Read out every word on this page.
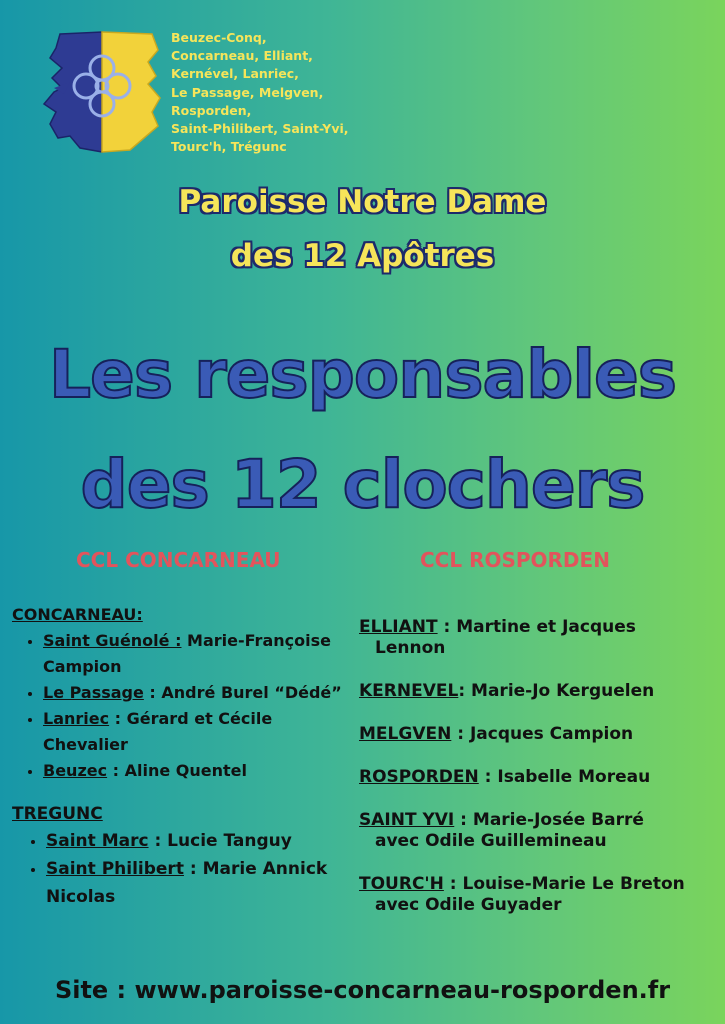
Beuzec-Conq,
Concarneau, Elliant,
Kernével, Lanriec,
Le Passage, Melgven,
Rosporden,
Saint-Philibert, Saint-Yvi,
Tourc'h, Trégunc
Paroisse Notre Dame
des 12 Apôtres
Les responsables
des 12 clochers
CCL CONCARNEAU	CCL ROSPORDEN
CONCARNEAU:
• Saint Guénolé : Marie-Françoise Campion
• Le Passage : André Burel “Dédé”
• Lanriec : Gérard et Cécile Chevalier
• Beuzec : Aline Quentel
TREGUNC
• Saint Marc : Lucie Tanguy
• Saint Philibert : Marie Annick Nicolas
ELLIANT : Martine et Jacques
Lennon
KERNEVEL: Marie-Jo Kerguelen
MELGVEN : Jacques Campion
ROSPORDEN : Isabelle Moreau
SAINT YVI : Marie-Josée Barré
avec Odile Guillemineau
TOURC'H : Louise-Marie Le Breton
avec Odile Guyader
Site : www.paroisse-concarneau-rosporden.fr
